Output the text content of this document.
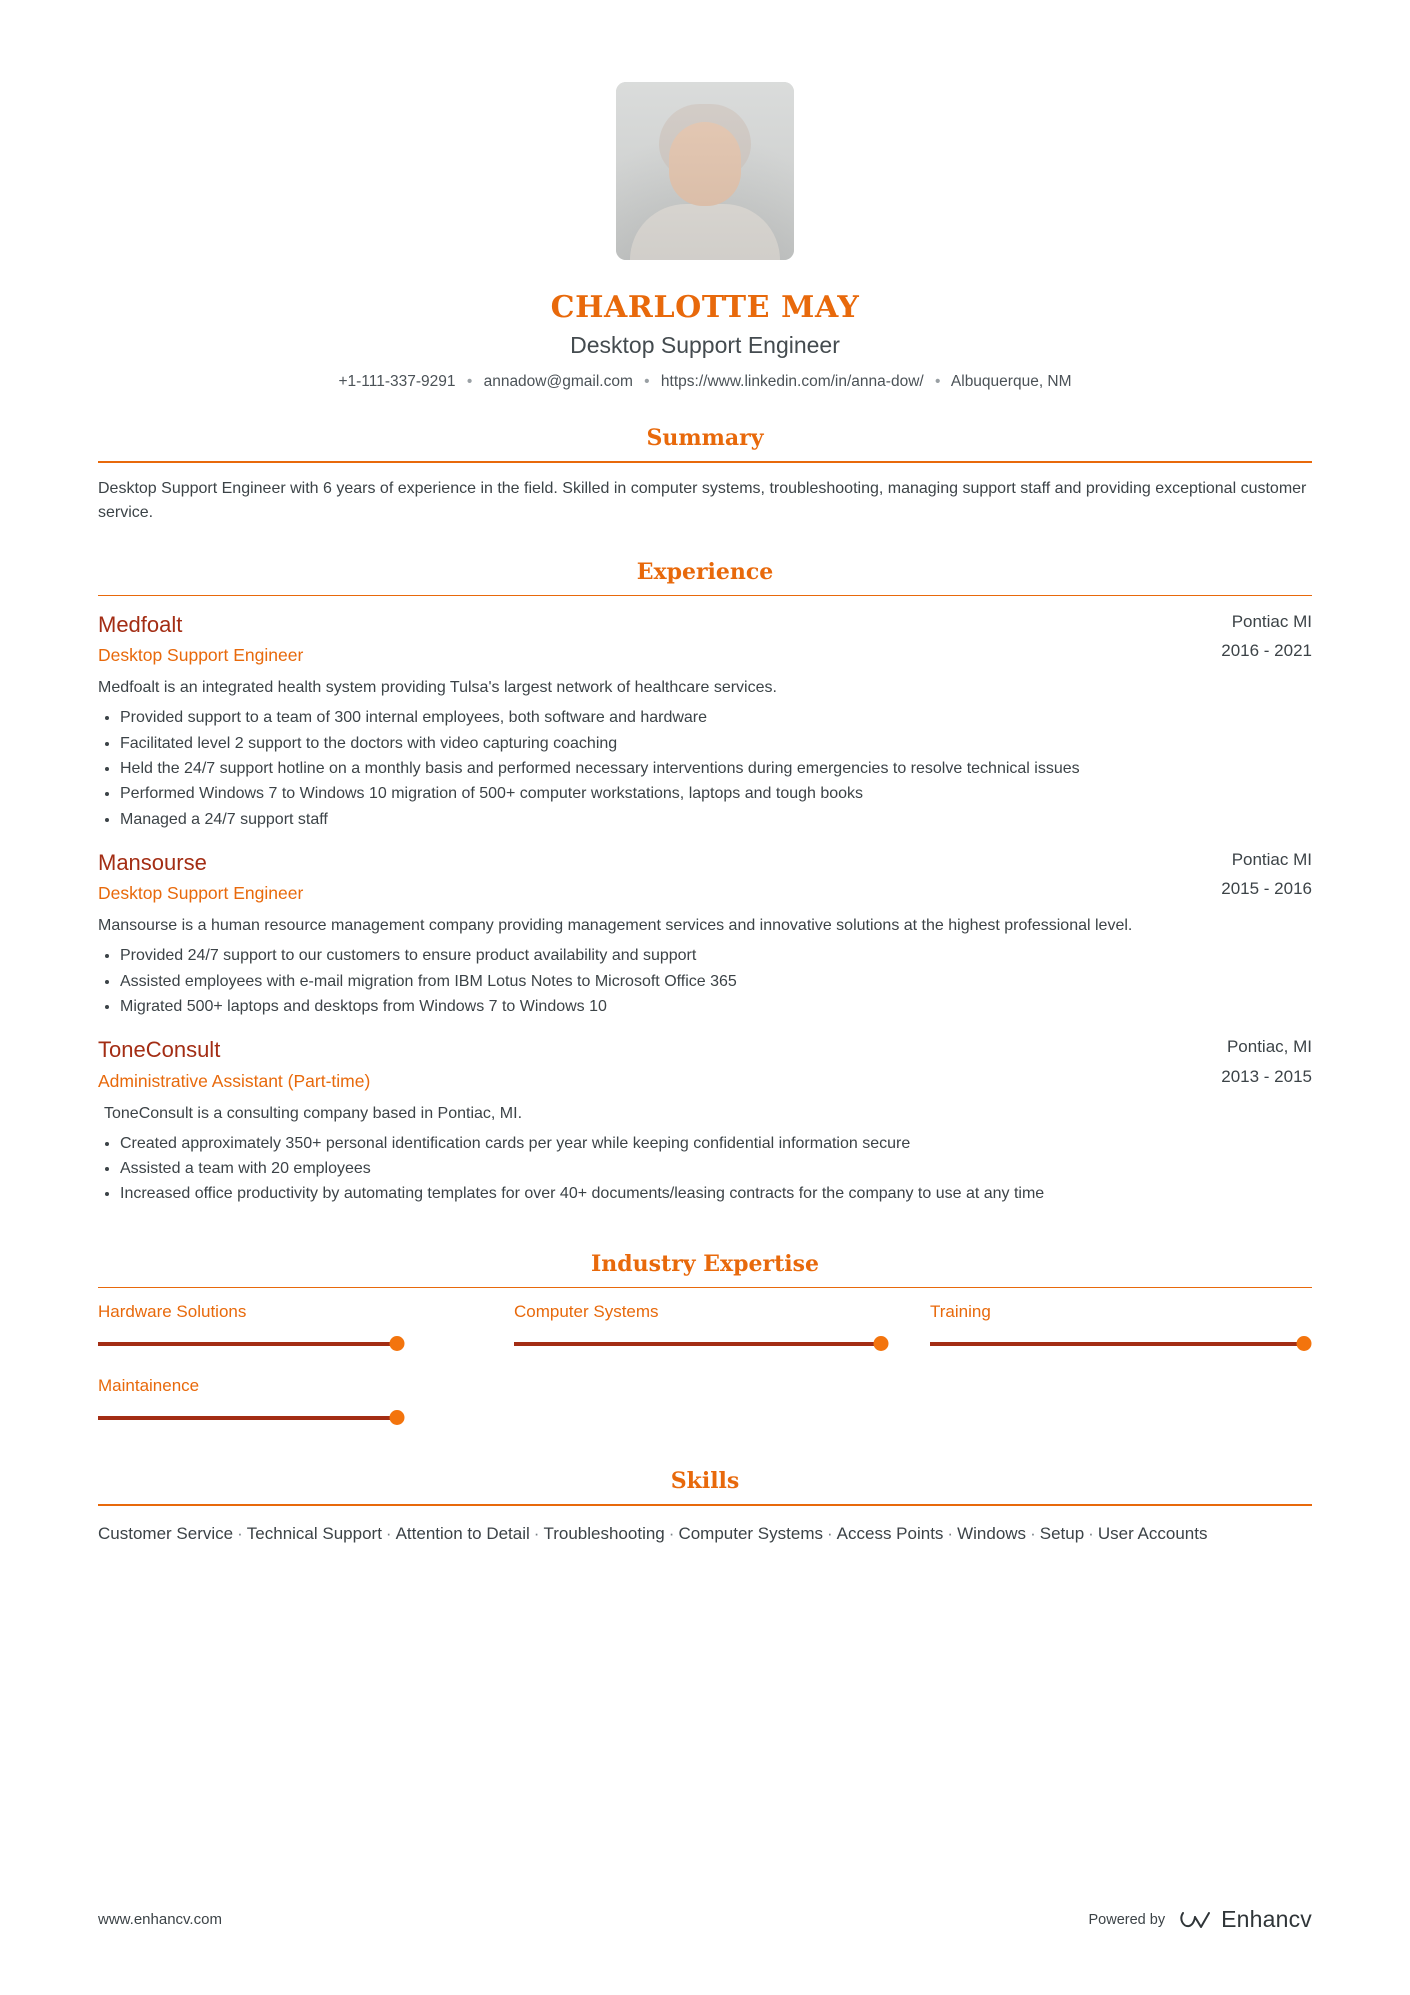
CHARLOTTE MAY
Desktop Support Engineer
+1-111-337-9291 • annadow@gmail.com • https://www.linkedin.com/in/anna-dow/ • Albuquerque, NM
Summary

Desktop Support Engineer with 6 years of experience in the field. Skilled in computer systems, troubleshooting, managing support staff and providing exceptional customer service.

Experience
Medfoalt
Desktop Support Engineer
Pontiac MI
2016 - 2021
Medfoalt is an integrated health system providing Tulsa's largest network of healthcare services.
Provided support to a team of 300 internal employees, both software and hardware
Facilitated level 2 support to the doctors with video capturing coaching
Held the 24/7 support hotline on a monthly basis and performed necessary interventions during emergencies to resolve technical issues
Performed Windows 7 to Windows 10 migration of 500+ computer workstations, laptops and tough books
Managed a 24/7 support staff
Mansourse
Desktop Support Engineer
Pontiac MI
2015 - 2016
Mansourse is a human resource management company providing management services and innovative solutions at the highest professional level.
Provided 24/7 support to our customers to ensure product availability and support
Assisted employees with e-mail migration from IBM Lotus Notes to Microsoft Office 365
Migrated 500+ laptops and desktops from Windows 7 to Windows 10
ToneConsult
Administrative Assistant (Part-time)
Pontiac, MI
2013 - 2015
ToneConsult is a consulting company based in Pontiac, MI.
Created approximately 350+ personal identification cards per year while keeping confidential information secure
Assisted a team with 20 employees
Increased office productivity by automating templates for over 40+ documents/leasing contracts for the company to use at any time
Industry Expertise
Hardware Solutions	Computer Systems	Training
Maintainence
Skills
Customer Service · Technical Support · Attention to Detail · Troubleshooting · Computer Systems · Access Points · Windows · Setup · User Accounts
www.enhancv.com	Powered by Enhancv
